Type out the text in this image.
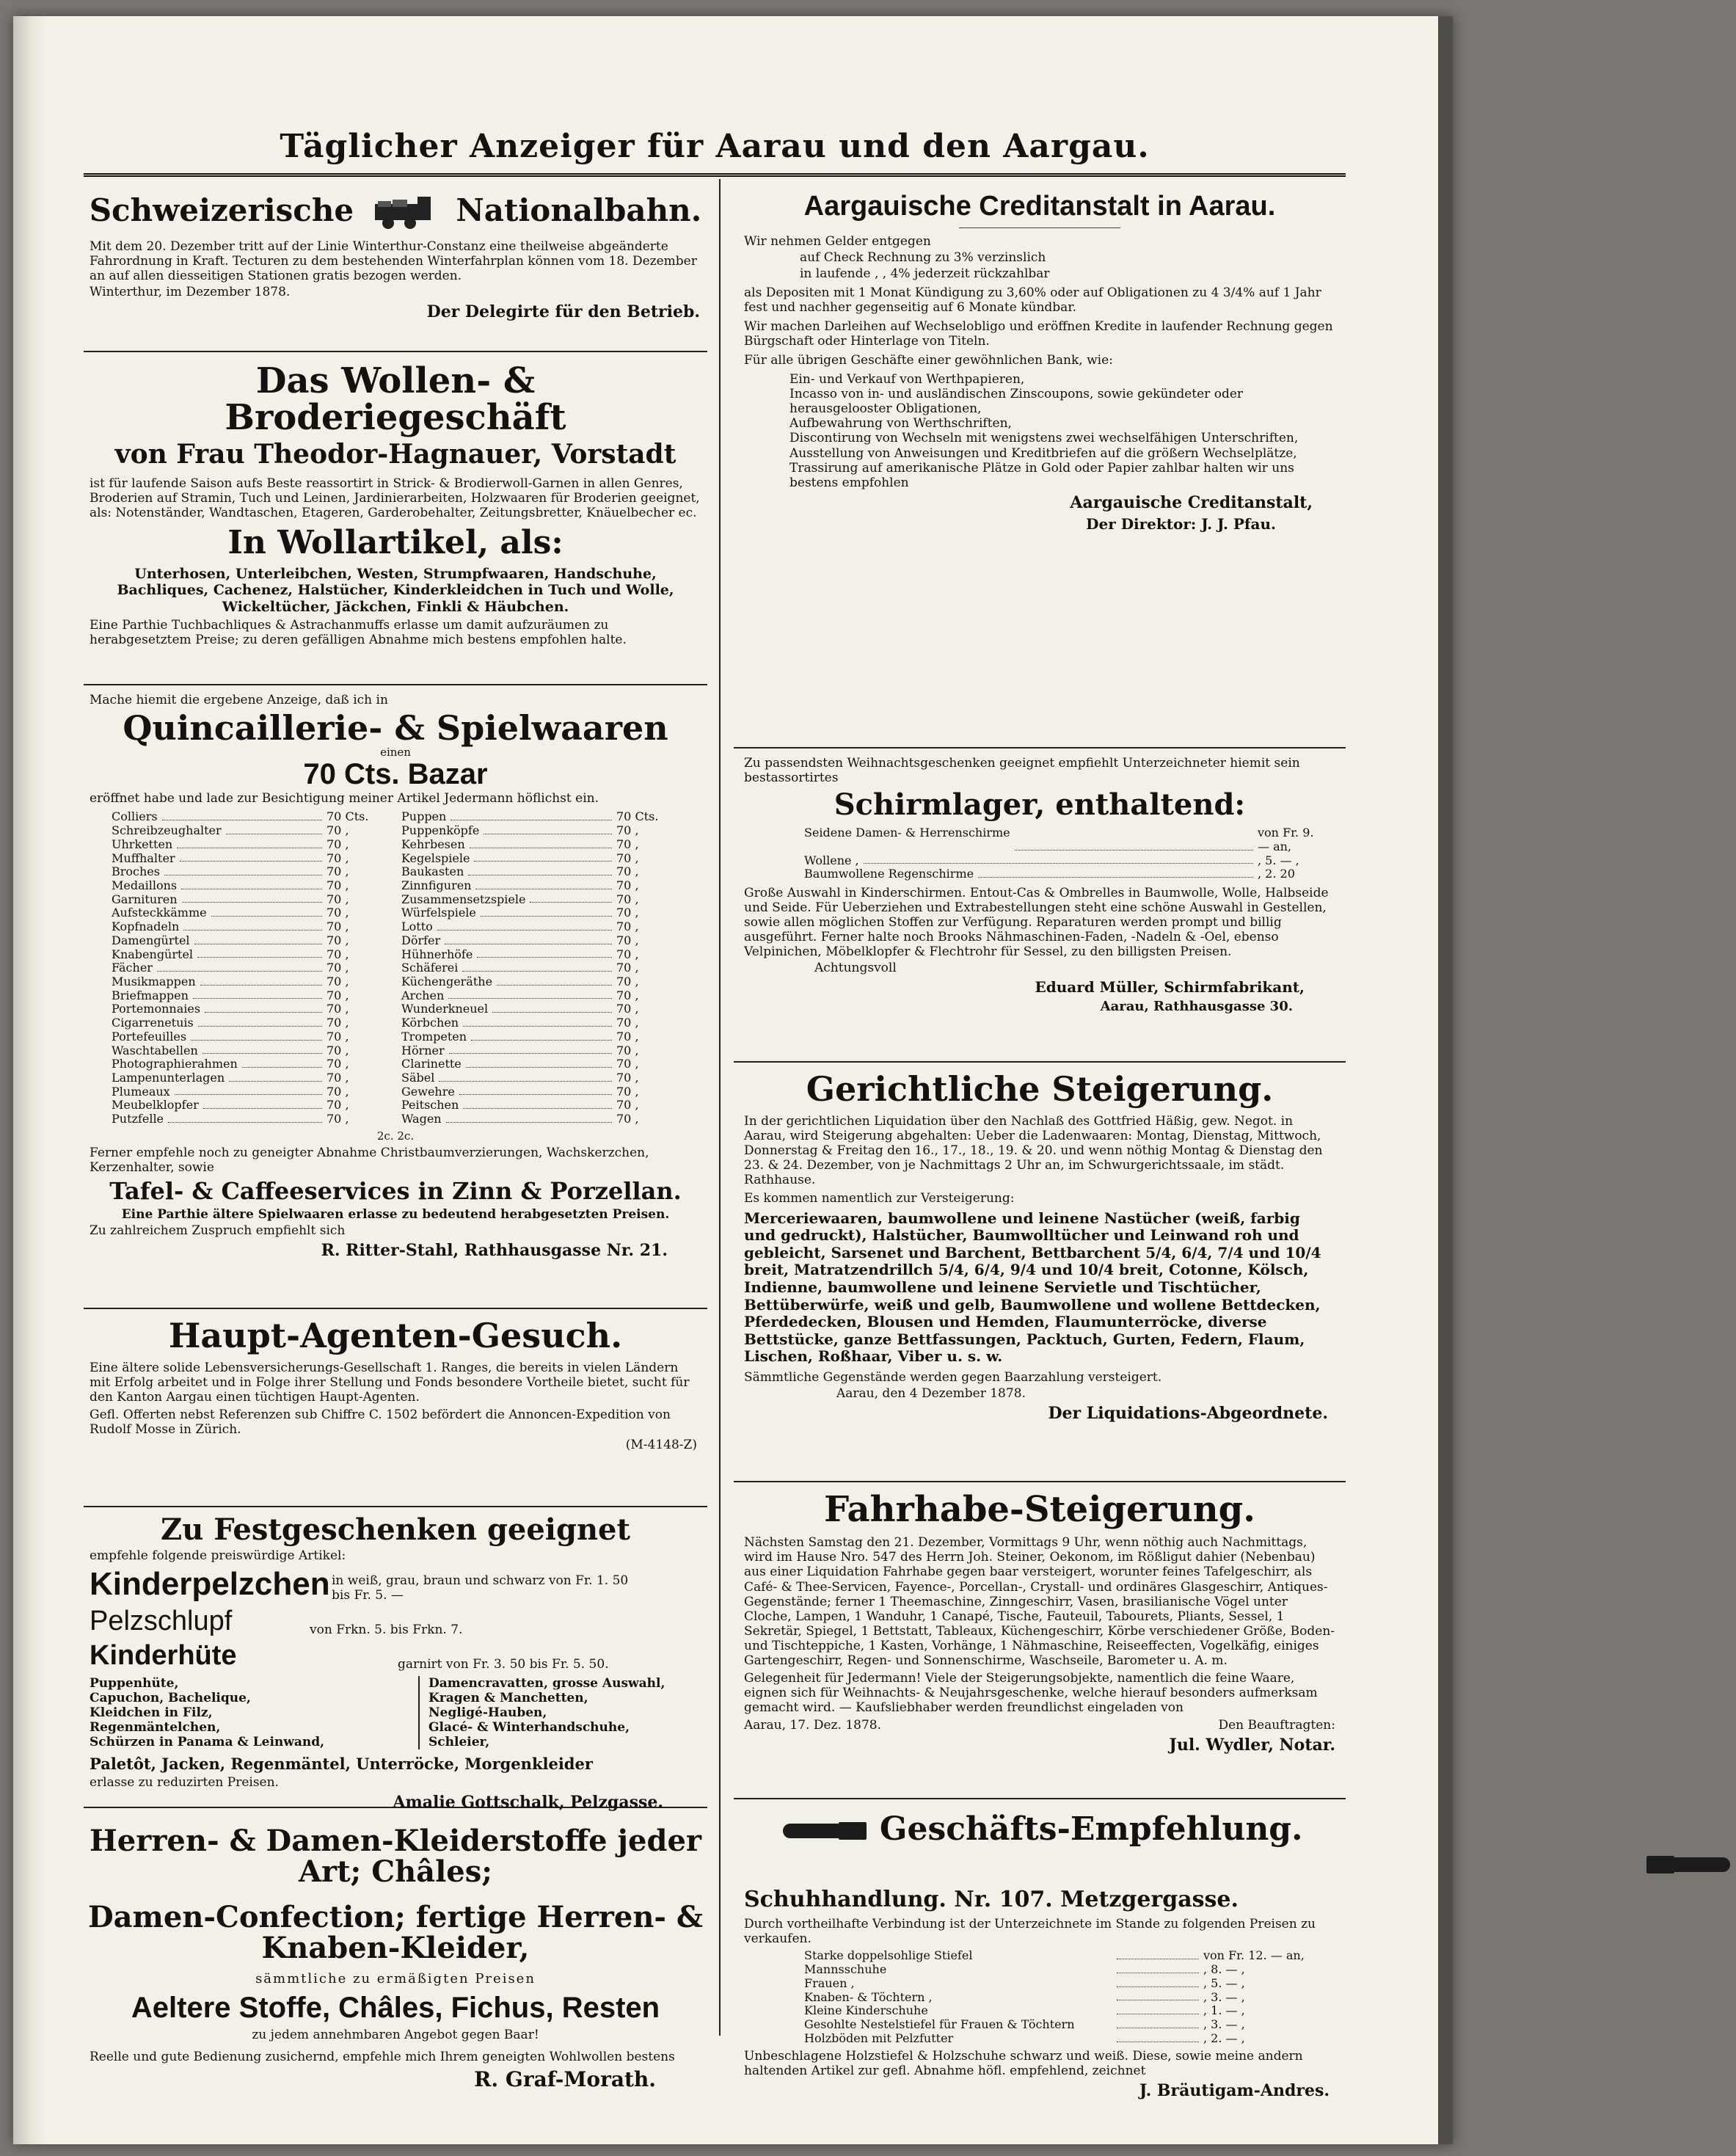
Täglicher Anzeiger für Aarau und den Aargau.
Schweizerische	Nationalbahn.

Mit dem 20. Dezember tritt auf der Linie Winterthur-Constanz eine theilweise abgeänderte Fahrordnung in Kraft. Tecturen zu dem bestehenden Winterfahrplan können vom 18. Dezember an auf allen diesseitigen Stationen gratis bezogen werden.

Winterthur, im Dezember 1878.

Der Delegirte für den Betrieb.
Das Wollen- & Broderiegeschäft
von Frau Theodor-Hagnauer, Vorstadt

ist für laufende Saison aufs Beste reassortirt in Strick- & Brodierwoll-Garnen in allen Genres, Broderien auf Stramin, Tuch und Leinen, Jardinierarbeiten, Holzwaaren für Broderien geeignet, als: Notenständer, Wandtaschen, Etageren, Garderobehalter, Zeitungsbretter, Knäuelbecher ec.

In Wollartikel, als:

Unterhosen, Unterleibchen, Westen, Strumpfwaaren, Handschuhe, Bachliques, Cachenez, Halstücher, Kinderkleidchen in Tuch und Wolle, Wickeltücher, Jäckchen, Finkli & Häubchen.

Eine Parthie Tuchbachliques & Astrachanmuffs erlasse um damit aufzuräumen zu herabgesetztem Preise; zu deren gefälligen Abnahme mich bestens empfohlen halte.

Mache hiemit die ergebene Anzeige, daß ich in

Quincaillerie- & Spielwaaren
einen
70 Cts. Bazar

eröffnet habe und lade zur Besichtigung meiner Artikel Jedermann höflichst ein.

Colliers	70 Cts.
Schreibzeughalter	70 ,
Uhrketten	70 ,
Muffhalter	70 ,
Broches	70 ,
Medaillons	70 ,
Garnituren	70 ,
Aufsteckkämme	70 ,
Kopfnadeln	70 ,
Damengürtel	70 ,
Knabengürtel	70 ,
Fächer	70 ,
Musikmappen	70 ,
Briefmappen	70 ,
Portemonnaies	70 ,
Cigarrenetuis	70 ,
Portefeuilles	70 ,
Waschtabellen	70 ,
Photographierahmen	70 ,
Lampenunterlagen	70 ,
Plumeaux	70 ,
Meubelklopfer	70 ,
Putzfelle	70 ,
Puppen	70 Cts.
Puppenköpfe	70 ,
Kehrbesen	70 ,
Kegelspiele	70 ,
Baukasten	70 ,
Zinnfiguren	70 ,
Zusammensetzspiele	70 ,
Würfelspiele	70 ,
Lotto	70 ,
Dörfer	70 ,
Hühnerhöfe	70 ,
Schäferei	70 ,
Küchengeräthe	70 ,
Archen	70 ,
Wunderkneuel	70 ,
Körbchen	70 ,
Trompeten	70 ,
Hörner	70 ,
Clarinette	70 ,
Säbel	70 ,
Gewehre	70 ,
Peitschen	70 ,
Wagen	70 ,
2c. 2c.

Ferner empfehle noch zu geneigter Abnahme Christbaumverzierungen, Wachskerzchen, Kerzenhalter, sowie

Tafel- & Caffeeservices in Zinn & Porzellan.

Eine Parthie ältere Spielwaaren erlasse zu bedeutend herabgesetzten Preisen.

Zu zahlreichem Zuspruch empfiehlt sich

R. Ritter-Stahl, Rathhausgasse Nr. 21.
Haupt-Agenten-Gesuch.

Eine ältere solide Lebensversicherungs-Gesellschaft 1. Ranges, die bereits in vielen Ländern mit Erfolg arbeitet und in Folge ihrer Stellung und Fonds besondere Vortheile bietet, sucht für den Kanton Aargau einen tüchtigen Haupt-Agenten.

Gefl. Offerten nebst Referenzen sub Chiffre C. 1502 befördert die Annoncen-Expedition von Rudolf Mosse in Zürich.

(M-4148-Z)
Zu Festgeschenken geeignet

empfehle folgende preiswürdige Artikel:

Kinderpelzchen in weiß, grau, braun und schwarz von Fr. 1. 50 bis Fr. 5. —
Pelzschlupf	von Frkn. 5. bis Frkn. 7.
Kinderhüte	garnirt von Fr. 3. 50 bis Fr. 5. 50.
Puppenhüte,
Capuchon, Bachelique,
Kleidchen in Filz,
Regenmäntelchen,
Schürzen in Panama & Leinwand,
Damencravatten, grosse Auswahl,
Kragen & Manchetten,
Negligé-Hauben,
Glacé- & Winterhandschuhe,
Schleier,
Paletôt, Jacken, Regenmäntel, Unterröcke, Morgenkleider

erlasse zu reduzirten Preisen.

Amalie Gottschalk, Pelzgasse.
Herren- & Damen-Kleiderstoffe jeder Art; Châles;
Damen-Confection; fertige Herren- & Knaben-Kleider,
sämmtliche zu ermäßigten Preisen
Aeltere Stoffe, Châles, Fichus, Resten
zu jedem annehmbaren Angebot gegen Baar!

Reelle und gute Bedienung zusichernd, empfehle mich Ihrem geneigten Wohlwollen bestens

R. Graf-Morath.
Aargauische Creditanstalt in Aarau.

Wir nehmen Gelder entgegen

auf Check Rechnung zu 3% verzinslich

in laufende , , 4% jederzeit rückzahlbar

als Depositen mit 1 Monat Kündigung zu 3,60% oder auf Obligationen zu 4 3/4% auf 1 Jahr fest und nachher gegenseitig auf 6 Monate kündbar.

Wir machen Darleihen auf Wechselobligo und eröffnen Kredite in laufender Rechnung gegen Bürgschaft oder Hinterlage von Titeln.

Für alle übrigen Geschäfte einer gewöhnlichen Bank, wie:

Ein- und Verkauf von Werthpapieren,
Incasso von in- und ausländischen Zinscoupons, sowie gekündeter oder herausgelooster Obligationen,
Aufbewahrung von Werthschriften,
Discontirung von Wechseln mit wenigstens zwei wechselfähigen Unterschriften,
Ausstellung von Anweisungen und Kreditbriefen auf die größern Wechselplätze,
Trassirung auf amerikanische Plätze in Gold oder Papier zahlbar halten wir uns bestens empfohlen
Aargauische Creditanstalt,
Der Direktor: J. J. Pfau.

Zu passendsten Weihnachtsgeschenken geeignet empfiehlt Unterzeichneter hiemit sein bestassortirtes

Schirmlager, enthaltend:
Seidene Damen- & Herrenschirme	von Fr. 9. — an,
Wollene ,	, 5. — ,
Baumwollene Regenschirme	, 2. 20

Große Auswahl in Kinderschirmen. Entout-Cas & Ombrelles in Baumwolle, Wolle, Halbseide und Seide. Für Ueberziehen und Extrabestellungen steht eine schöne Auswahl in Gestellen, sowie allen möglichen Stoffen zur Verfügung. Reparaturen werden prompt und billig ausgeführt. Ferner halte noch Brooks Nähmaschinen-Faden, -Nadeln & -Oel, ebenso Velpinichen, Möbelklopfer & Flechtrohr für Sessel, zu den billigsten Preisen.

Achtungsvoll

Eduard Müller, Schirmfabrikant,
Aarau, Rathhausgasse 30.
Gerichtliche Steigerung.

In der gerichtlichen Liquidation über den Nachlaß des Gottfried Häßig, gew. Negot. in Aarau, wird Steigerung abgehalten: Ueber die Ladenwaaren: Montag, Dienstag, Mittwoch, Donnerstag & Freitag den 16., 17., 18., 19. & 20. und wenn nöthig Montag & Dienstag den 23. & 24. Dezember, von je Nachmittags 2 Uhr an, im Schwurgerichtssaale, im städt. Rathhause.

Es kommen namentlich zur Versteigerung:

Merceriewaaren, baumwollene und leinene Nastücher (weiß, farbig und gedruckt), Halstücher, Baumwolltücher und Leinwand roh und gebleicht, Sarsenet und Barchent, Bettbarchent 5/4, 6/4, 7/4 und 10/4 breit, Matratzendrillch 5/4, 6/4, 9/4 und 10/4 breit, Cotonne, Kölsch, Indienne, baumwollene und leinene Servietle und Tischtücher, Bettüberwürfe, weiß und gelb, Baumwollene und wollene Bettdecken, Pferdedecken, Blousen und Hemden, Flaumunterröcke, diverse Bettstücke, ganze Bettfassungen, Packtuch, Gurten, Federn, Flaum, Lischen, Roßhaar, Viber u. s. w.

Sämmtliche Gegenstände werden gegen Baarzahlung versteigert.

Aarau, den 4 Dezember 1878.

Der Liquidations-Abgeordnete.
Fahrhabe-Steigerung.

Nächsten Samstag den 21. Dezember, Vormittags 9 Uhr, wenn nöthig auch Nachmittags, wird im Hause Nro. 547 des Herrn Joh. Steiner, Oekonom, im Rößligut dahier (Nebenbau) aus einer Liquidation Fahrhabe gegen baar versteigert, worunter feines Tafelgeschirr, als Café- & Thee-Servicen, Fayence-, Porcellan-, Crystall- und ordinäres Glasgeschirr, Antiques-Gegenstände; ferner 1 Theemaschine, Zinngeschirr, Vasen, brasilianische Vögel unter Cloche, Lampen, 1 Wanduhr, 1 Canapé, Tische, Fauteuil, Tabourets, Pliants, Sessel, 1 Sekretär, Spiegel, 1 Bettstatt, Tableaux, Küchengeschirr, Körbe verschiedener Größe, Boden- und Tischteppiche, 1 Kasten, Vorhänge, 1 Nähmaschine, Reiseeffecten, Vogelkäfig, einiges Gartengeschirr, Regen- und Sonnenschirme, Waschseile, Barometer u. A. m.

Gelegenheit für Jedermann! Viele der Steigerungsobjekte, namentlich die feine Waare, eignen sich für Weihnachts- & Neujahrsgeschenke, welche hierauf besonders aufmerksam gemacht wird. — Kaufsliebhaber werden freundlichst eingeladen von

Aarau, 17. Dez. 1878.	Den Beauftragten:
Jul. Wydler, Notar.
Geschäfts-Empfehlung.
Schuhhandlung. Nr. 107. Metzgergasse.

Durch vortheilhafte Verbindung ist der Unterzeichnete im Stande zu folgenden Preisen zu verkaufen.

Starke doppelsohlige Stiefel	von Fr. 12. — an,
Mannsschuhe	, 8. — ,
Frauen ,	, 5. — ,
Knaben- & Töchtern ,	, 3. — ,
Kleine Kinderschuhe	, 1. — ,
Gesohlte Nestelstiefel für Frauen & Töchtern	, 3. — ,
Holzböden mit Pelzfutter	, 2. — ,

Unbeschlagene Holzstiefel & Holzschuhe schwarz und weiß. Diese, sowie meine andern haltenden Artikel zur gefl. Abnahme höfl. empfehlend, zeichnet

J. Bräutigam-Andres.
